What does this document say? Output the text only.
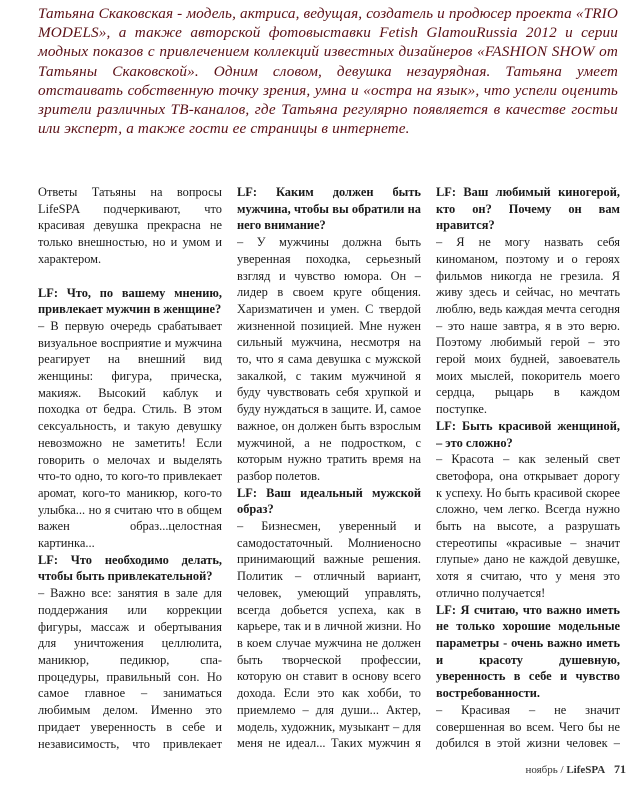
Татьяна Скаковская - модель, актриса, ведущая, создатель и продюсер проекта «TRIO MODELS», а также авторской фотовыставки Fetish GlamouRussia 2012 и серии модных показов с привлечением коллекций известных дизайнеров «FASHION SHOW от Татьяны Скаковской». Одним словом, девушка незаурядная. Татьяна умеет отстаивать собственную точку зрения, умна и «остра на язык», что успели оценить зрители различных ТВ-каналов, где Татьяна регулярно появляется в качестве гостьи или эксперт, а также гости ее страницы в интернете.

Ответы Татьяны на вопросы LifeSPA подчеркивают, что красивая девушка прекрасна не только внешностью, но и умом и характером.

LF: Что, по вашему мнению, привлекает мужчин в женщине?

– В первую очередь срабатывает визуальное восприятие и мужчина реагирует на внешний вид женщины: фигура, прическа, макияж. Высокий каблук и походка от бедра. Стиль. В этом сексуальность, и такую девушку невозможно не заметить! Если говорить о мелочах и выделять что-то одно, то кого-то привлекает аромат, кого-то маникюр, кого-то улыбка... но я считаю что в общем важен образ...целостная картинка...

LF: Что необходимо делать, чтобы быть привлекательной?

– Важно все: занятия в зале для поддержания или коррекции фигуры, массаж и обертывания для уничтожения целлюлита, маникюр, педикюр, спа-процедуры, правильный сон. Но самое главное – заниматься любимым делом. Именно это придает уверенность в себе и независимость, что привлекает

LF: Каким должен быть мужчина, чтобы вы обратили на него внимание?

– У мужчины должна быть уверенная походка, серьезный взгляд и чувство юмора. Он – лидер в своем круге общения. Харизматичен и умен. С твердой жизненной позицией. Мне нужен сильный мужчина, несмотря на то, что я сама девушка с мужской закалкой, с таким мужчиной я буду чувствовать себя хрупкой и буду нуждаться в защите. И, самое важное, он должен быть взрослым мужчиной, а не подростком, с которым нужно тратить время на разбор полетов.

LF: Ваш идеальный мужской образ?

– Бизнесмен, уверенный и самодостаточный. Молниеносно принимающий важные решения. Политик – отличный вариант, человек, умеющий управлять, всегда добьется успеха, как в карьере, так и в личной жизни. Но в коем случае мужчина не должен быть творческой профессии, которую он ставит в основу всего дохода. Если это как хобби, то приемлемо – для души... Актер, модель, художник, музыкант – для меня не идеал... Таких мужчин я

LF: Ваш любимый киногерой, кто он? Почему он вам нравится?

– Я не могу назвать себя киноманом, поэтому и о героях фильмов никогда не грезила. Я живу здесь и сейчас, но мечтать люблю, ведь каждая мечта сегодня – это наше завтра, я в это верю. Поэтому любимый герой – это герой моих будней, завоеватель моих мыслей, покоритель моего сердца, рыцарь в каждом поступке.

LF: Быть красивой женщиной, – это сложно?

– Красота – как зеленый свет светофора, она открывает дорогу к успеху. Но быть красивой скорее сложно, чем легко. Всегда нужно быть на высоте, а разрушать стереотипы «красивые – значит глупые» дано не каждой девушке, хотя я считаю, что у меня это отлично получается!

LF: Я считаю, что важно иметь не только хорошие модельные параметры - очень важно иметь и красоту душевную, уверенность в себе и чувство востребованности.

– Красивая – не значит совершенная во всем. Чего бы не добился в этой жизни человек –

ноябрь / LifeSPA 71
